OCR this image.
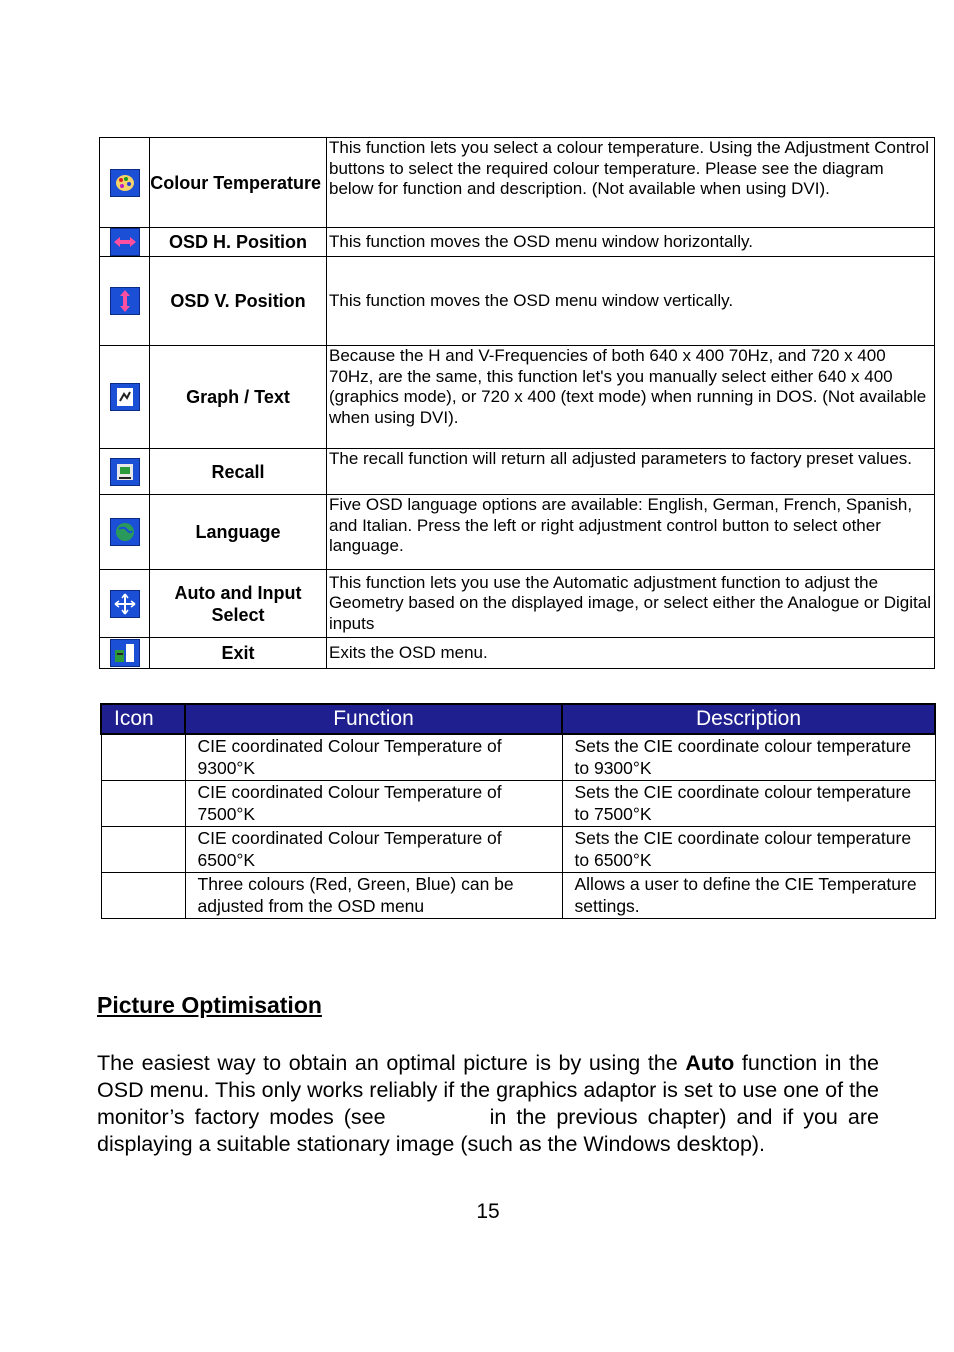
	Colour Temperature	This function lets you select a colour temperature. Using the Adjustment Control buttons to select the required colour temperature. Please see the diagram below for function and description. (Not available when using DVI).

	OSD H. Position	This function moves the OSD menu window horizontally.

	OSD V. Position	This function moves the OSD menu window vertically.

	Graph / Text	Because the H and V-Frequencies of both 640 x 400 70Hz, and 720 x 400 70Hz, are the same, this function let's you manually select either 640 x 400 (graphics mode), or 720 x 400 (text mode) when running in DOS. (Not available when using DVI).

	Recall	The recall function will return all adjusted parameters to factory preset values.

	Language	Five OSD language options are available: English, German, French, Spanish, and Italian. Press the left or right adjustment control button to select other language.

	Auto and Input Select	This function lets you use the Automatic adjustment function to adjust the Geometry based on the displayed image, or select either the Analogue or Digital inputs

	Exit	Exits the OSD menu.
Icon	Function	Description
	CIE coordinated Colour Temperature of 9300°K	Sets the CIE coordinate colour temperature to 9300°K
	CIE coordinated Colour Temperature of 7500°K	Sets the CIE coordinate colour temperature to 7500°K
	CIE coordinated Colour Temperature of 6500°K	Sets the CIE coordinate colour temperature to 6500°K
	Three colours (Red, Green, Blue) can be adjusted from the OSD menu	Allows a user to define the CIE Temperature settings.
Picture Optimisation
The easiest way to obtain an optimal picture is by using the Auto function in the OSD menu. This only works reliably if the graphics adaptor is set to use one of the monitor’s factory modes (see	in the previous chapter) and if you are displaying a suitable stationary image (such as the Windows desktop).
15
